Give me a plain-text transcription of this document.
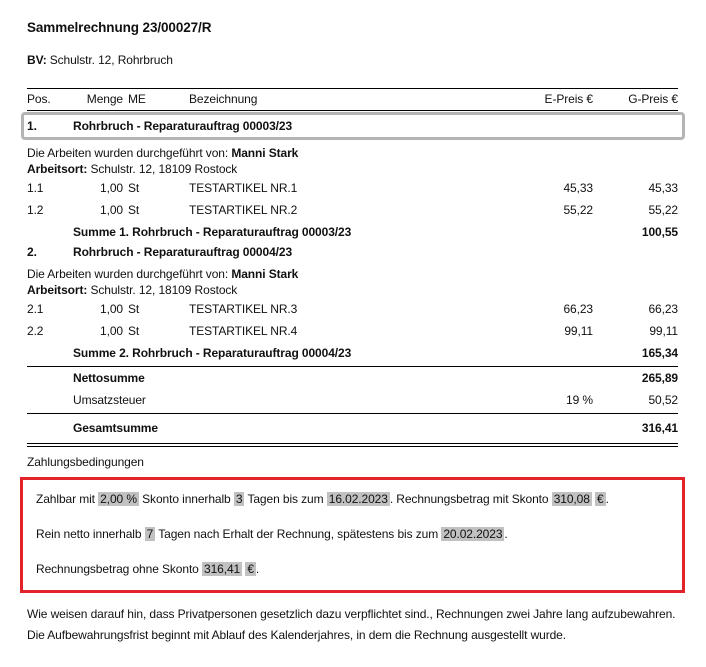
Sammelrechnung 23/00027/R
BV: Schulstr. 12, Rohrbruch
Pos.	Menge ME	Bezeichnung	E-Preis €	G-Preis €
1.	Rohrbruch - Reparaturauftrag 00003/23
Die Arbeiten wurden durchgeführt von: Manni Stark
Arbeitsort: Schulstr. 12, 18109 Rostock
1.1	1,00 St	TESTARTIKEL NR.1	45,33	45,33
1.2	1,00 St	TESTARTIKEL NR.2	55,22	55,22
Summe 1. Rohrbruch - Reparaturauftrag 00003/23	100,55
2.	Rohrbruch - Reparaturauftrag 00004/23
Die Arbeiten wurden durchgeführt von: Manni Stark
Arbeitsort: Schulstr. 12, 18109 Rostock
2.1	1,00 St	TESTARTIKEL NR.3	66,23	66,23
2.2	1,00 St	TESTARTIKEL NR.4	99,11	99,11
Summe 2. Rohrbruch - Reparaturauftrag 00004/23	165,34
Nettosumme	265,89
Umsatzsteuer	19 %	50,52
Gesamtsumme	316,41
Zahlungsbedingungen
Zahlbar mit 2,00 % Skonto innerhalb 3 Tagen bis zum 16.02.2023 . Rechnungsbetrag mit Skonto 310,08 € .
Rein netto innerhalb 7 Tagen nach Erhalt der Rechnung, spätestens bis zum 20.02.2023 .
Rechnungsbetrag ohne Skonto 316,41 € .
Wie weisen darauf hin, dass Privatpersonen gesetzlich dazu verpflichtet sind., Rechnungen zwei Jahre lang aufzubewahren. Die Aufbewahrungsfrist beginnt mit Ablauf des Kalenderjahres, in dem die Rechnung ausgestellt wurde.
